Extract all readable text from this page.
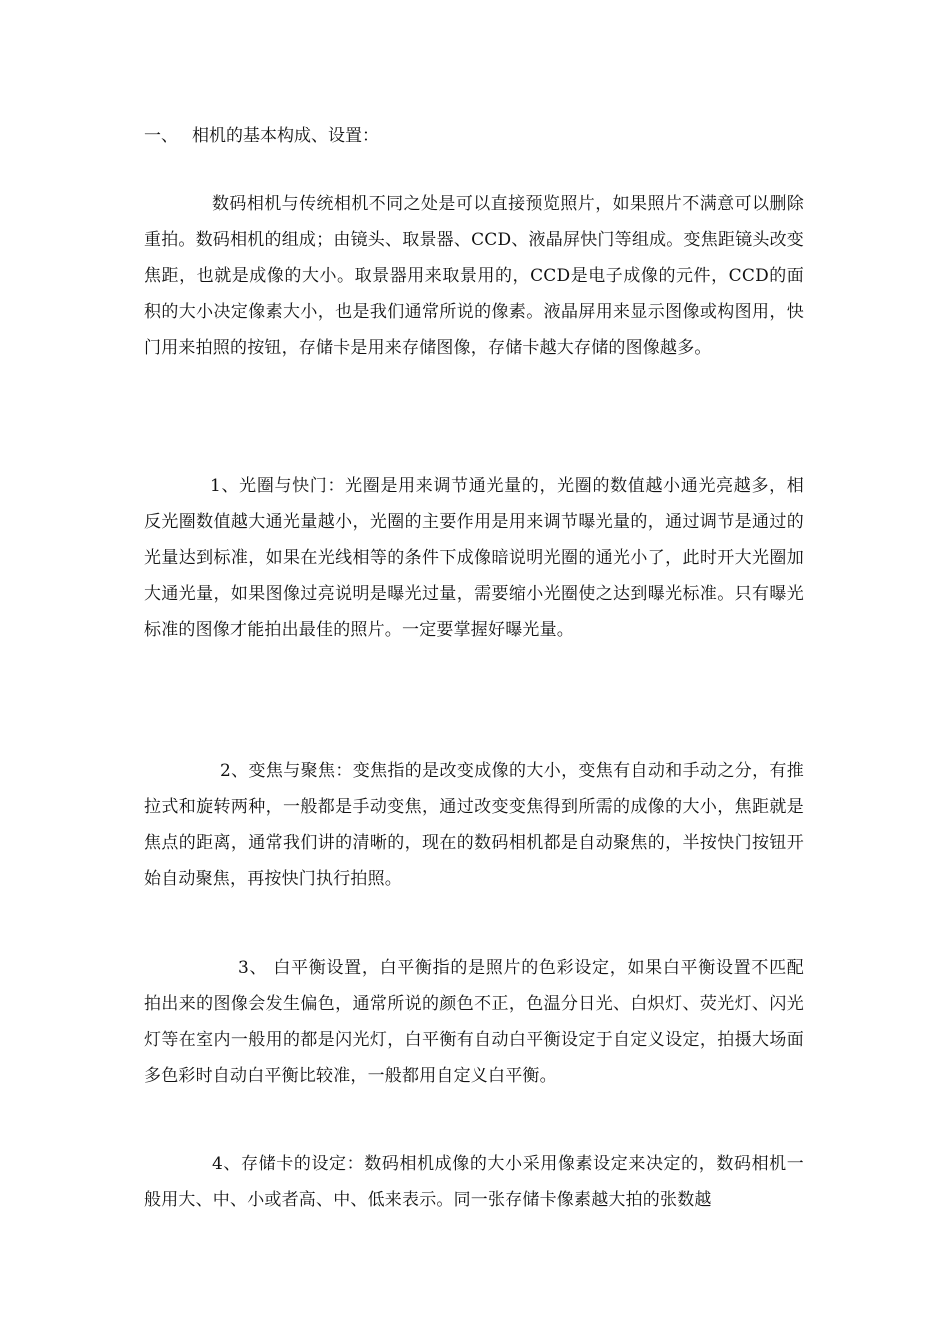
一、 相机的基本构成、设置：

数码相机与传统相机不同之处是可以直接预览照片，如果照片不满意可以删除重拍。数码相机的组成；由镜头、取景器、CCD、液晶屏快门等组成。变焦距镜头改变焦距，也就是成像的大小。取景器用来取景用的，CCD是电子成像的元件，CCD的面积的大小决定像素大小，也是我们通常所说的像素。液晶屏用来显示图像或构图用，快门用来拍照的按钮，存储卡是用来存储图像，存储卡越大存储的图像越多。

1、光圈与快门：光圈是用来调节通光量的，光圈的数值越小通光亮越多，相反光圈数值越大通光量越小，光圈的主要作用是用来调节曝光量的，通过调节是通过的光量达到标准，如果在光线相等的条件下成像暗说明光圈的通光小了，此时开大光圈加大通光量，如果图像过亮说明是曝光过量，需要缩小光圈使之达到曝光标准。只有曝光标准的图像才能拍出最佳的照片。一定要掌握好曝光量。

2、变焦与聚焦：变焦指的是改变成像的大小，变焦有自动和手动之分，有推拉式和旋转两种，一般都是手动变焦，通过改变变焦得到所需的成像的大小，焦距就是焦点的距离，通常我们讲的清晰的，现在的数码相机都是自动聚焦的，半按快门按钮开始自动聚焦，再按快门执行拍照。

3、 白平衡设置，白平衡指的是照片的色彩设定，如果白平衡设置不匹配拍出来的图像会发生偏色，通常所说的颜色不正，色温分日光、白炽灯、荧光灯、闪光灯等在室内一般用的都是闪光灯，白平衡有自动白平衡设定于自定义设定，拍摄大场面多色彩时自动白平衡比较准，一般都用自定义白平衡。

4、存储卡的设定：数码相机成像的大小采用像素设定来决定的，数码相机一般用大、中、小或者高、中、低来表示。同一张存储卡像素越大拍的张数越
